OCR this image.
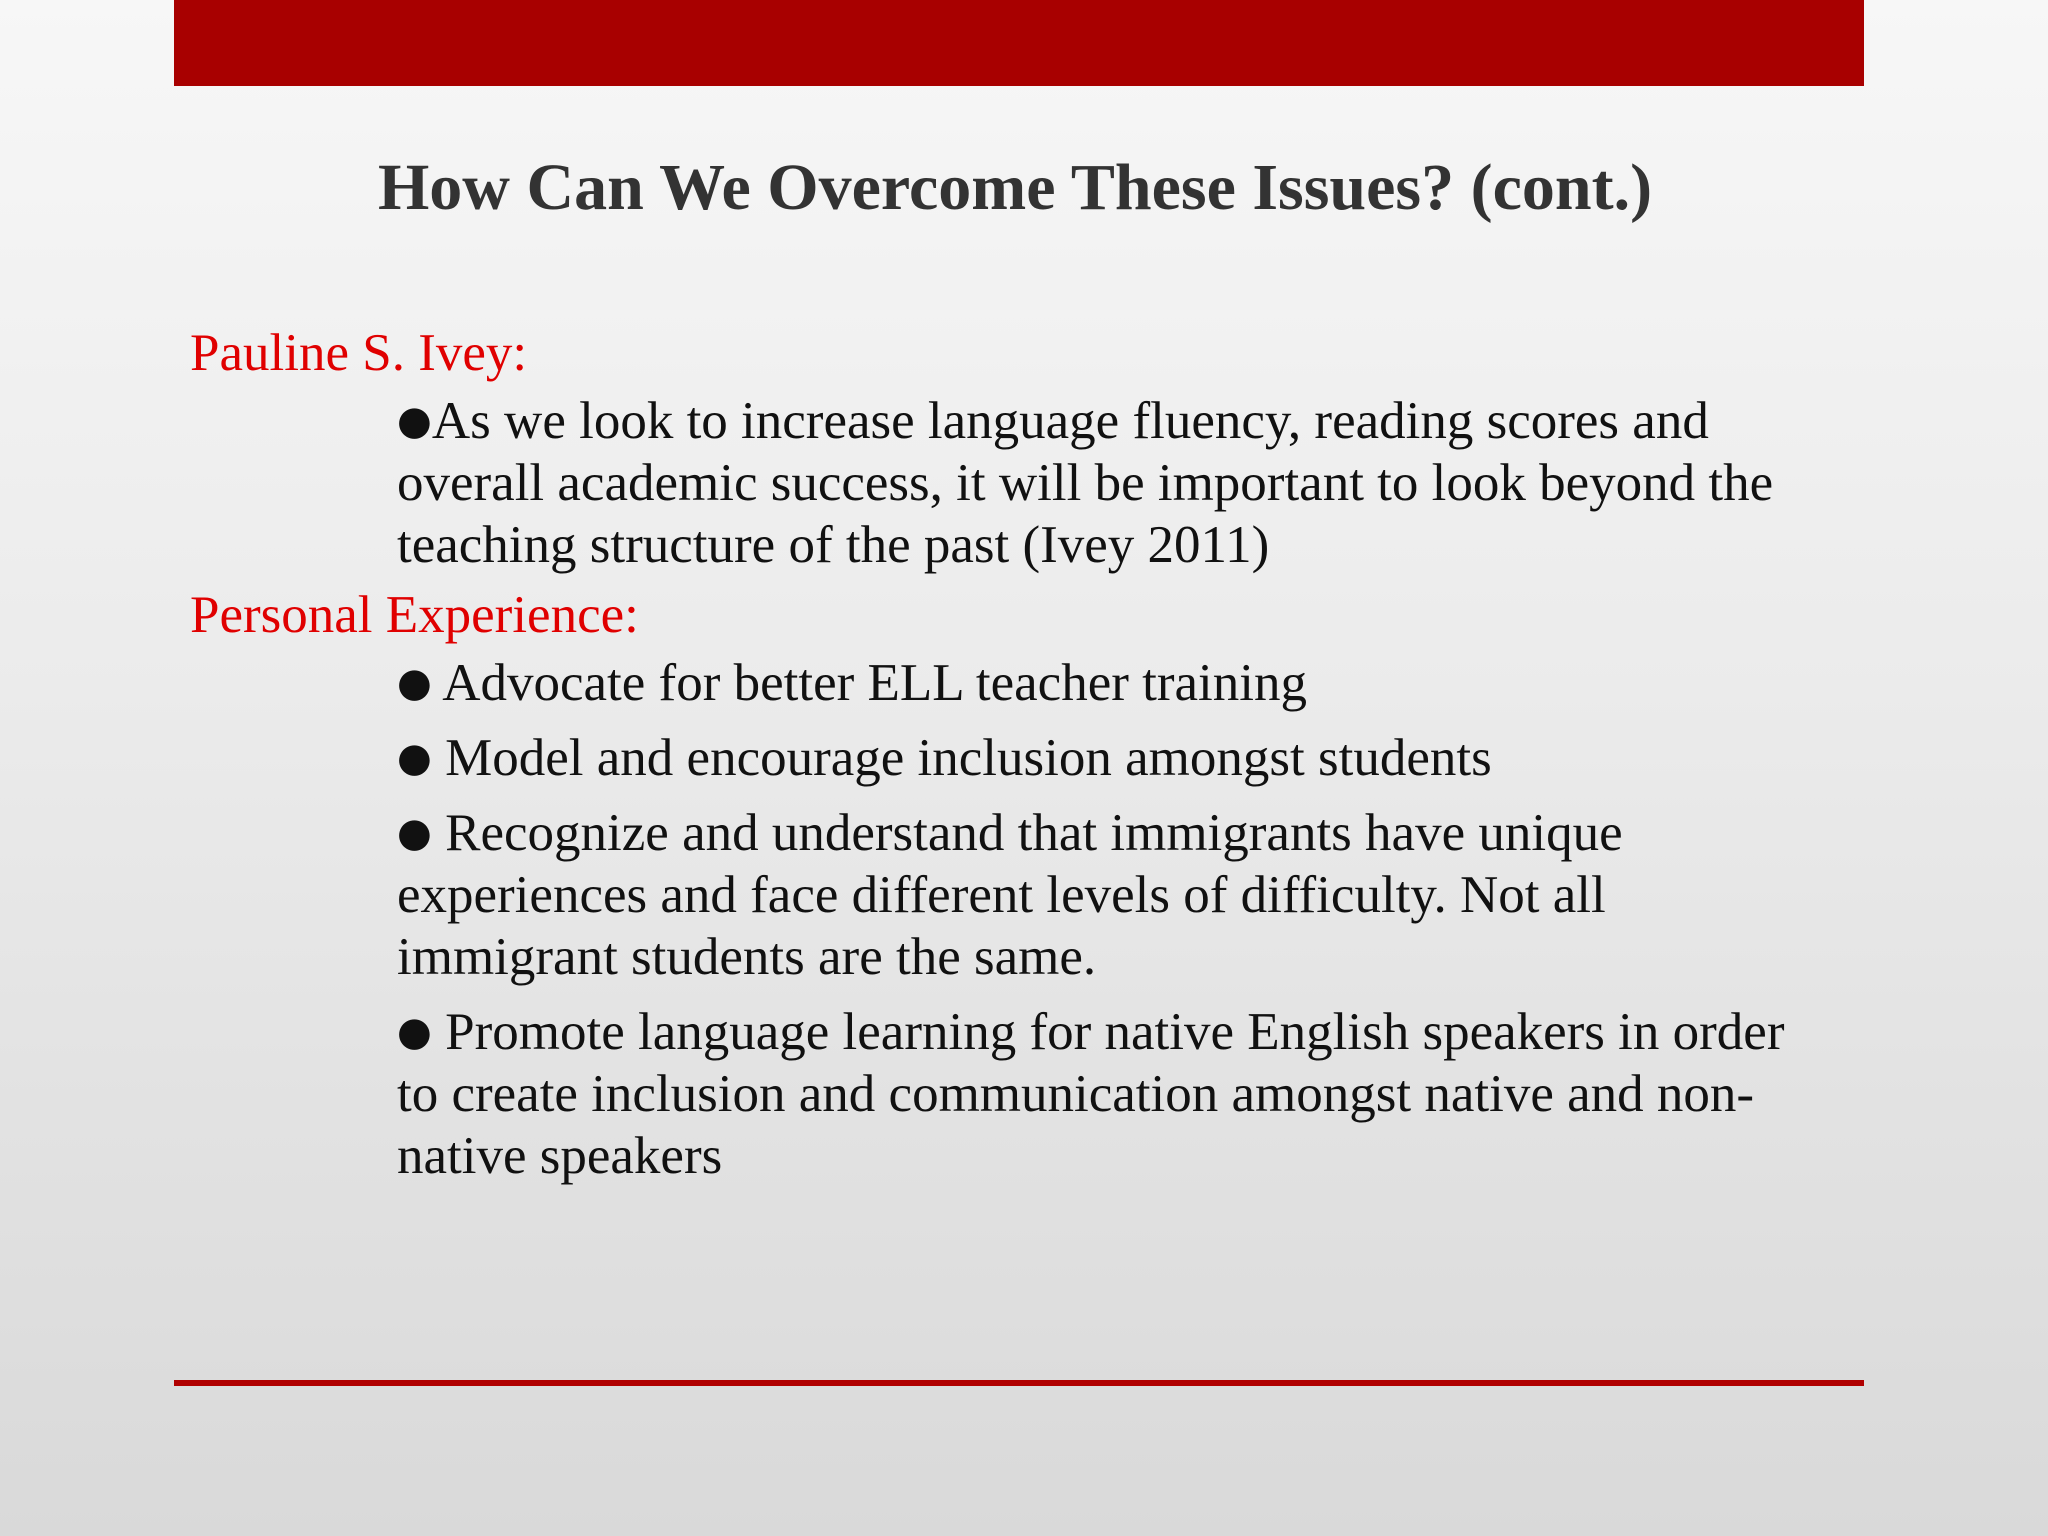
How Can We Overcome These Issues? (cont.)
Pauline S. Ivey:
●As we look to increase language fluency, reading scores and overall academic success, it will be important to look beyond the teaching structure of the past (Ivey 2011)
Personal Experience:
● Advocate for better ELL teacher training
● Model and encourage inclusion amongst students
● Recognize and understand that immigrants have unique experiences and face different levels of difficulty. Not all immigrant students are the same.
● Promote language learning for native English speakers in order to create inclusion and communication amongst native and non-native speakers
